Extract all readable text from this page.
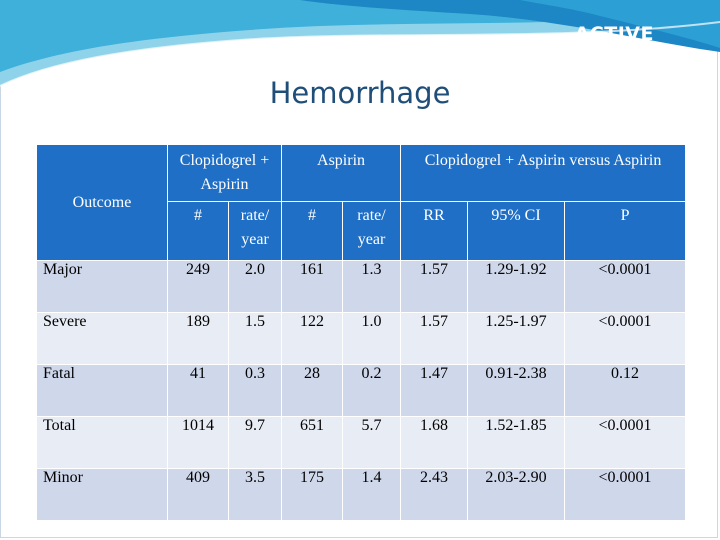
ACTIVE
Hemorrhage
Outcome	Clopidogrel + Aspirin		Aspirin		Clopidogrel + Aspirin versus Aspirin		
	#	rate/ year	#	rate/ year	RR	95% CI	P
Major	249	2.0	161	1.3	1.57	1.29-1.92	<0.0001
Severe	189	1.5	122	1.0	1.57	1.25-1.97	<0.0001
Fatal	41	0.3	28	0.2	1.47	0.91-2.38	0.12
Total	1014	9.7	651	5.7	1.68	1.52-1.85	<0.0001
Minor	409	3.5	175	1.4	2.43	2.03-2.90	<0.0001
